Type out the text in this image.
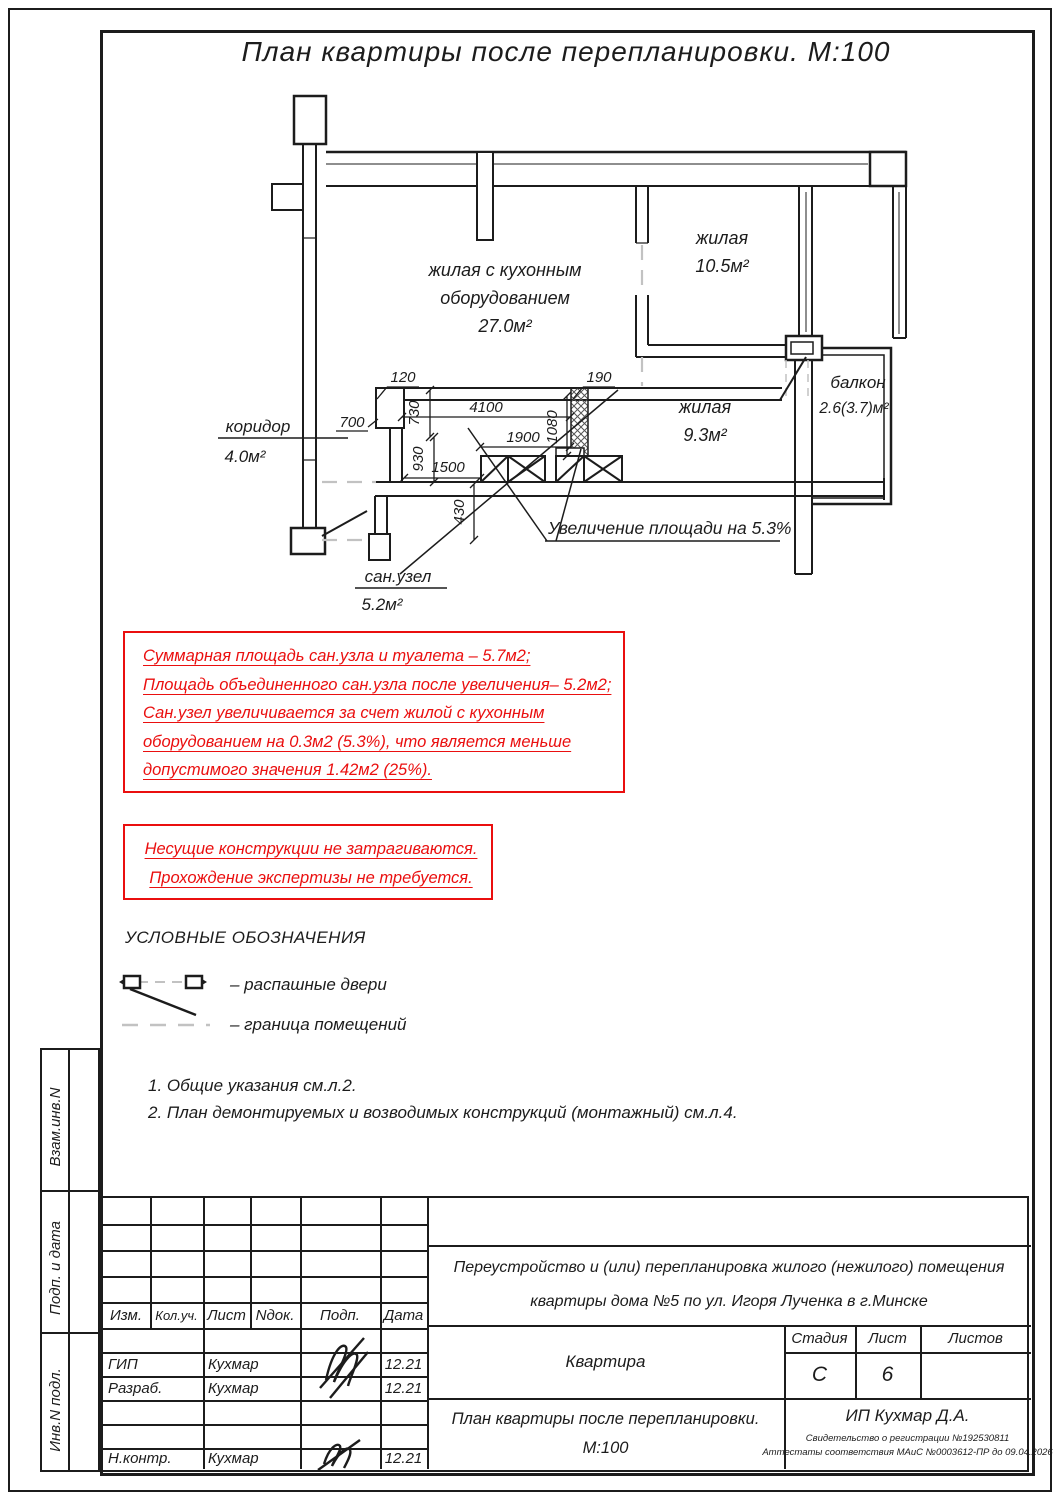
План квартиры после перепланировки. М:100
120	190
4100
700
1900 1080
730
930 1500
430
жилая с кухонным
оборудованием
27.0м²
жилая
10.5м²
жилая
9.3м²
балкон
2.6(3.7)м²
коридор
4.0м²
сан.узел
5.2м²
Увеличение площади на 5.3%
Суммарная площадь сан.узла и туалета – 5.7м2;
Площадь объединенного сан.узла после увеличения– 5.2м2;
Сан.узел увеличивается за счет жилой с кухонным
оборудованием на 0.3м2 (5.3%), что является меньше
допустимого значения 1.42м2 (25%).
Несущие конструкции не затрагиваются.
Прохождение экспертизы не требуется.
УСЛОВНЫЕ ОБОЗНАЧЕНИЯ
– распашные двери
– граница помещений
1. Общие указания см.л.2.
2. План демонтируемых и возводимых конструкций (монтажный) см.л.4.
Взам.инв.N
Подп. и дата
Инв.N подл.
Изм.	Кол.уч. Лист Nдок.	Подп.	Дата
ГИП	Кухмар	12.21
Разраб.	Кухмар	12.21
Н.контр.	Кухмар	12.21
Переустройство и (или) перепланировка жилого (нежилого) помещения
квартиры дома №5 по ул. Игоря Лученка в г.Минске
Квартира
Стадия	Лист	Листов
С	6
План квартиры после перепланировки.
М:100
ИП Кухмар Д.А.
Свидетельство о регистрации №192530811
Аттестаты соответствия МАиС №0003612-ПР до 09.04.2026
